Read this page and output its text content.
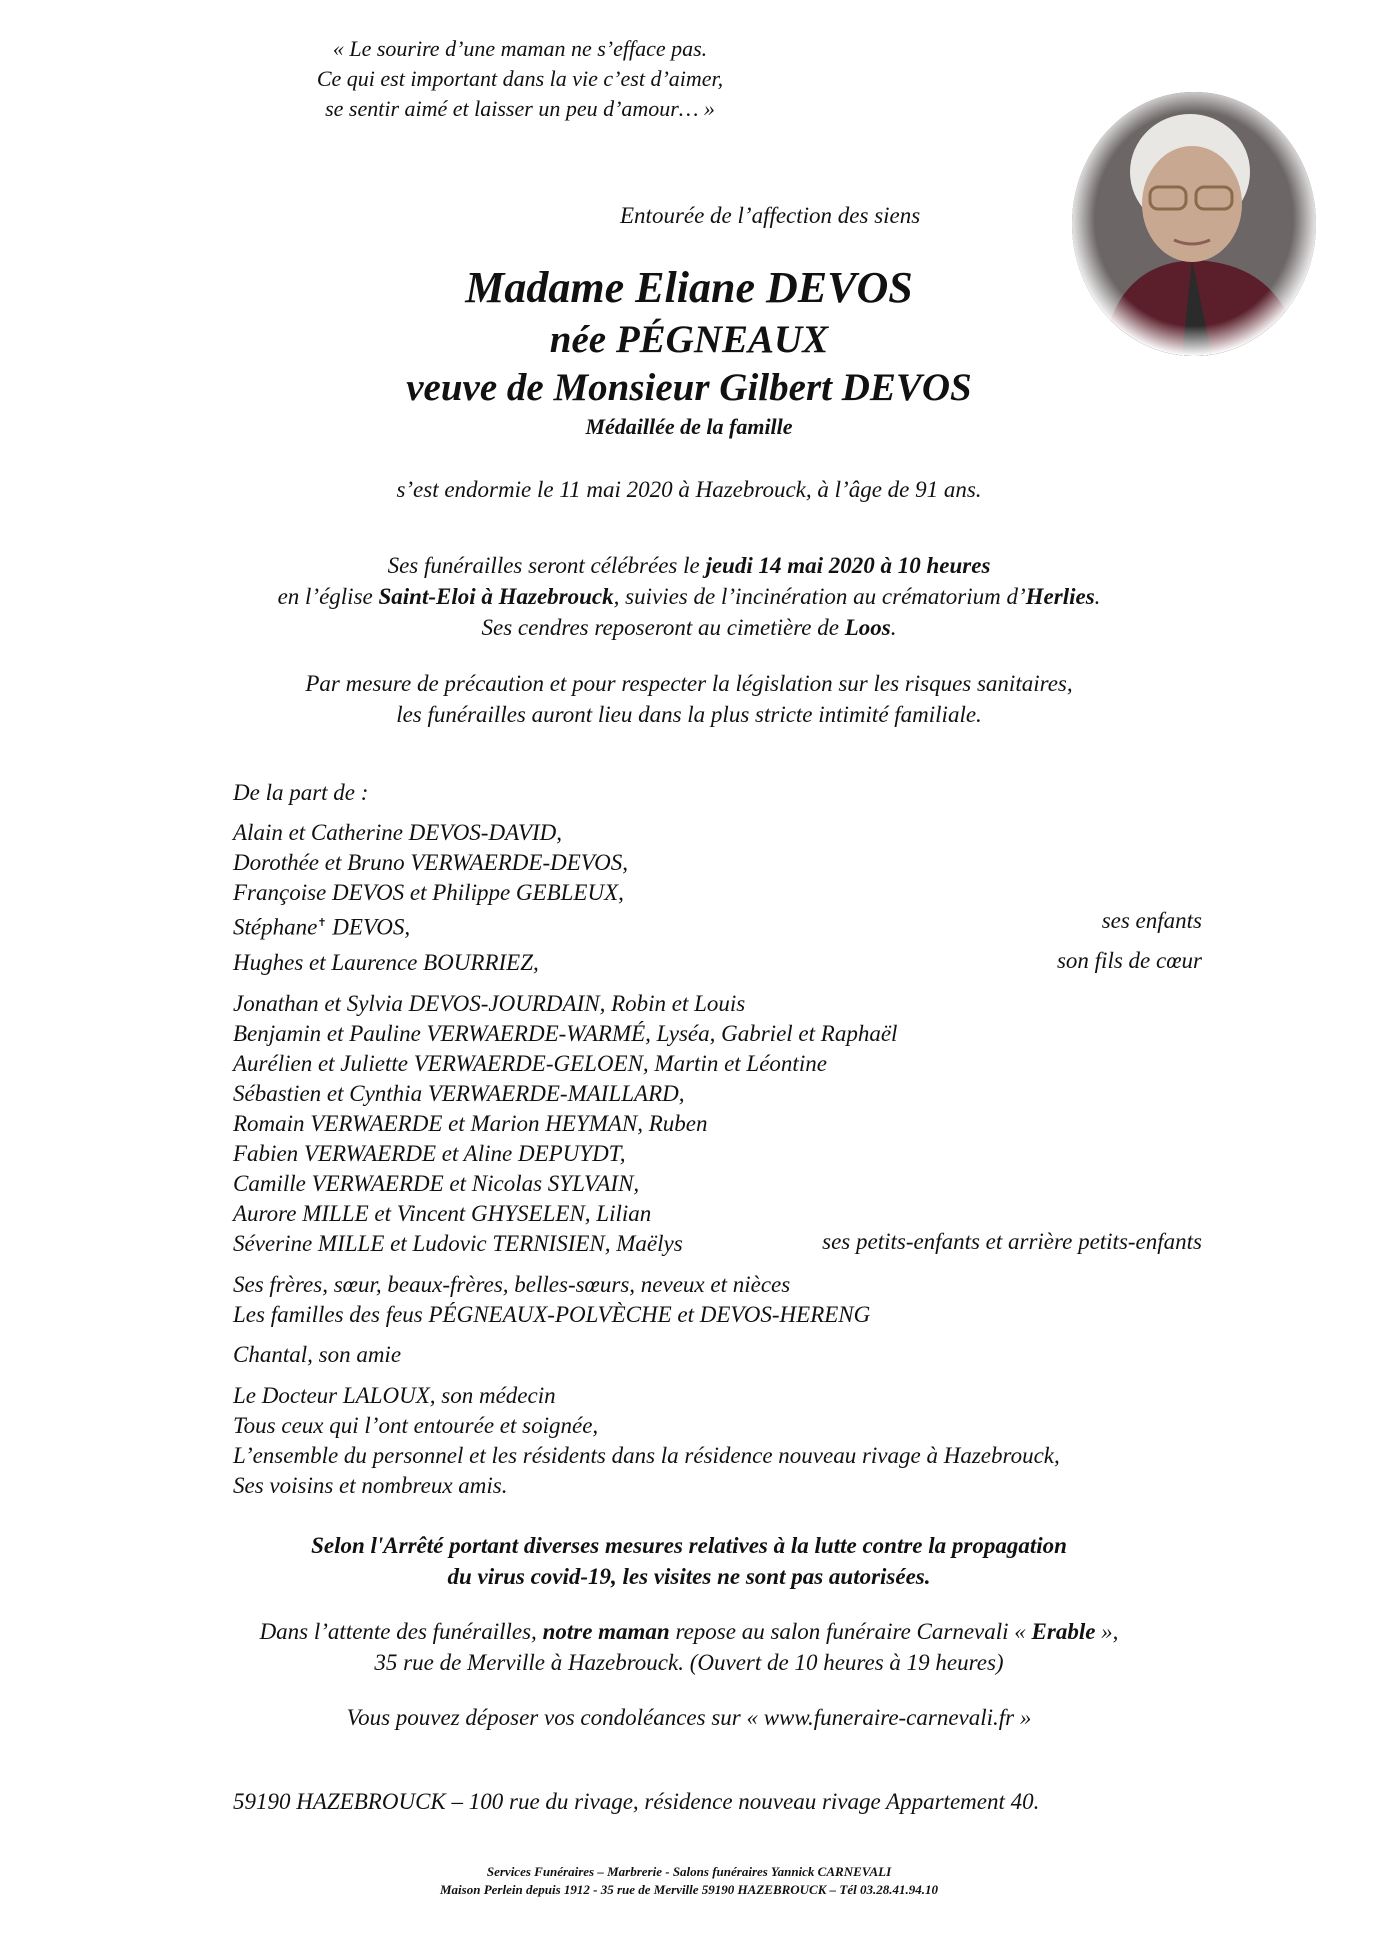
« Le sourire d’une maman ne s’efface pas.
Ce qui est important dans la vie c’est d’aimer,
se sentir aimé et laisser un peu d’amour… »
Entourée de l’affection des siens
Madame Eliane DEVOS
née PÉGNEAUX
veuve de Monsieur Gilbert DEVOS
Médaillée de la famille
s’est endormie le 11 mai 2020 à Hazebrouck, à l’âge de 91 ans.
Ses funérailles seront célébrées le jeudi 14 mai 2020 à 10 heures
en l’église Saint-Eloi à Hazebrouck, suivies de l’incinération au crématorium d’Herlies.
Ses cendres reposeront au cimetière de Loos.
Par mesure de précaution et pour respecter la législation sur les risques sanitaires,
les funérailles auront lieu dans la plus stricte intimité familiale.
De la part de :
Alain et Catherine DEVOS-DAVID,
Dorothée et Bruno VERWAERDE-DEVOS,
Françoise DEVOS et Philippe GEBLEUX,
Stéphane✝ DEVOS,	ses enfants
Hughes et Laurence BOURRIEZ,	son fils de cœur
Jonathan et Sylvia DEVOS-JOURDAIN, Robin et Louis
Benjamin et Pauline VERWAERDE-WARMÉ, Lyséa, Gabriel et Raphaël
Aurélien et Juliette VERWAERDE-GELOEN, Martin et Léontine
Sébastien et Cynthia VERWAERDE-MAILLARD,
Romain VERWAERDE et Marion HEYMAN, Ruben
Fabien VERWAERDE et Aline DEPUYDT,
Camille VERWAERDE et Nicolas SYLVAIN,
Aurore MILLE et Vincent GHYSELEN, Lilian
Séverine MILLE et Ludovic TERNISIEN, Maëlys	ses petits-enfants et arrière petits-enfants
Ses frères, sœur, beaux-frères, belles-sœurs, neveux et nièces
Les familles des feus PÉGNEAUX-POLVÈCHE et DEVOS-HERENG
Chantal, son amie
Le Docteur LALOUX, son médecin
Tous ceux qui l’ont entourée et soignée,
L’ensemble du personnel et les résidents dans la résidence nouveau rivage à Hazebrouck,
Ses voisins et nombreux amis.
Selon l'Arrêté portant diverses mesures relatives à la lutte contre la propagation
du virus covid-19, les visites ne sont pas autorisées.
Dans l’attente des funérailles, notre maman repose au salon funéraire Carnevali « Erable »,
35 rue de Merville à Hazebrouck. (Ouvert de 10 heures à 19 heures)
Vous pouvez déposer vos condoléances sur « www.funeraire-carnevali.fr »
59190 HAZEBROUCK – 100 rue du rivage, résidence nouveau rivage Appartement 40.
Services Funéraires – Marbrerie - Salons funéraires Yannick CARNEVALI
Maison Perlein depuis 1912 - 35 rue de Merville 59190 HAZEBROUCK – Tél 03.28.41.94.10
